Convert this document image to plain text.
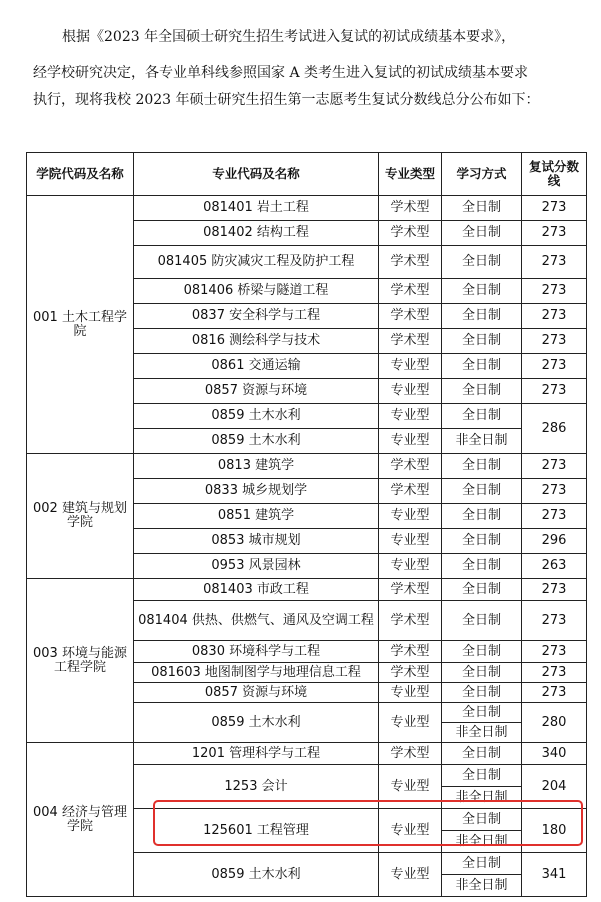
根据《2023 年全国硕士研究生招生考试进入复试的初试成绩基本要求》，

经学校研究决定，各专业单科线参照国家 A 类考生进入复试的初试成绩基本要求

执行，现将我校 2023 年硕士研究生招生第一志愿考生复试分数线总分公布如下：

学院代码及名称	专业代码及名称	专业类型	学习方式	复试分数线
001 土木工程学院	081401 岩土工程	学术型	全日制	273
	081402 结构工程	学术型	全日制	273
	081405 防灾减灾工程及防护工程	学术型	全日制	273
	081406 桥梁与隧道工程	学术型	全日制	273
	0837 安全科学与工程	学术型	全日制	273
	0816 测绘科学与技术	学术型	全日制	273
	0861 交通运输	专业型	全日制	273
	0857 资源与环境	专业型	全日制	273
	0859 土木水利	专业型	全日制	286
	0859 土木水利	专业型	非全日制	
002 建筑与规划学院	0813 建筑学	学术型	全日制	273
	0833 城乡规划学	学术型	全日制	273
	0851 建筑学	专业型	全日制	273
	0853 城市规划	专业型	全日制	296
	0953 风景园林	专业型	全日制	263
003 环境与能源工程学院	081403 市政工程	学术型	全日制	273
	081404 供热、供燃气、通风及空调工程	学术型	全日制	273
	0830 环境科学与工程	学术型	全日制	273
	081603 地图制图学与地理信息工程	学术型	全日制	273
	0857 资源与环境	专业型	全日制	273
	0859 土木水利	专业型	全日制	280
			非全日制	
004 经济与管理学院	1201 管理科学与工程	学术型	全日制	340
	1253 会计	专业型	全日制	204
			非全日制	
	125601 工程管理	专业型	全日制	180
			非全日制	
	0859 土木水利	专业型	全日制	341
			非全日制	
